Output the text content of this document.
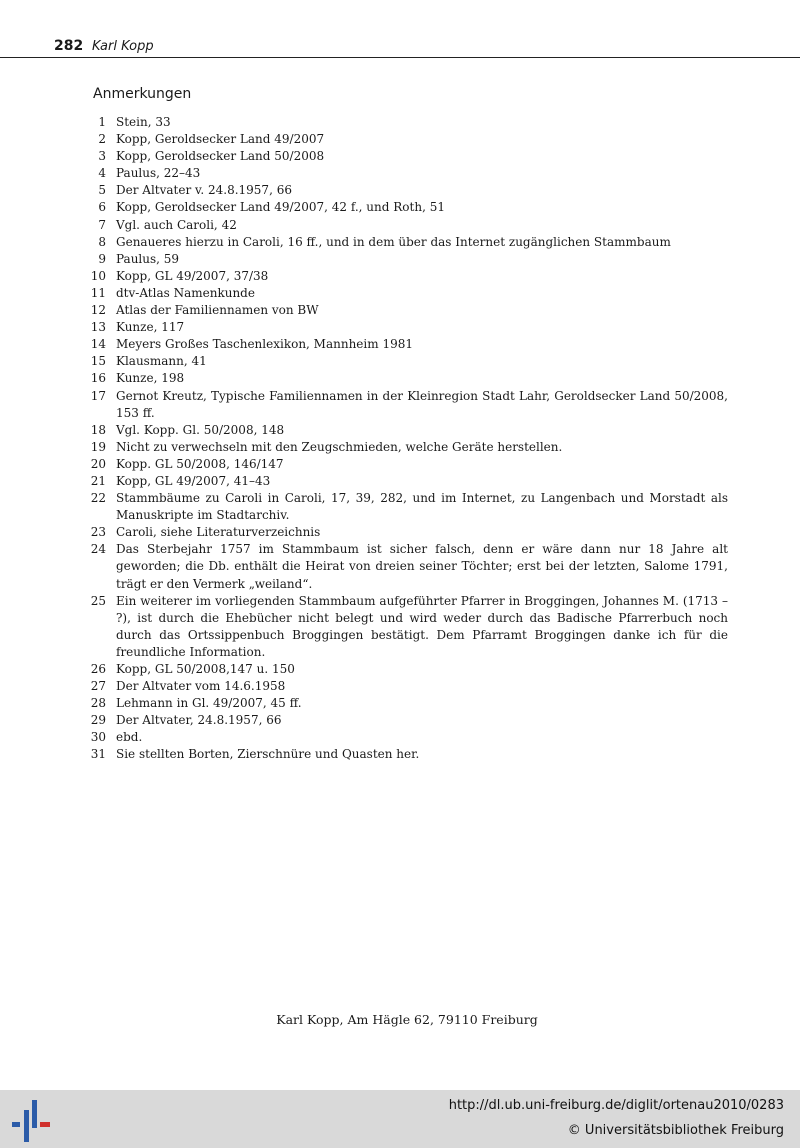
282 Karl Kopp
Anmerkungen
1 Stein, 33
2 Kopp, Geroldsecker Land 49/2007
3 Kopp, Geroldsecker Land 50/2008
4 Paulus, 22–43
5 Der Altvater v. 24.8.1957, 66
6 Kopp, Geroldsecker Land 49/2007, 42 f., und Roth, 51
7 Vgl. auch Caroli, 42
8 Genaueres hierzu in Caroli, 16 ff., und in dem über das Internet zugänglichen Stammbaum
9 Paulus, 59
10 Kopp, GL 49/2007, 37/38
11 dtv-Atlas Namenkunde
12 Atlas der Familiennamen von BW
13 Kunze, 117
14 Meyers Großes Taschenlexikon, Mannheim 1981
15 Klausmann, 41
16 Kunze, 198
17 Gernot Kreutz, Typische Familiennamen in der Kleinregion Stadt Lahr, Geroldsecker Land 50/2008, 153 ff.
18 Vgl. Kopp. Gl. 50/2008, 148
19 Nicht zu verwechseln mit den Zeugschmieden, welche Geräte herstellen.
20 Kopp. GL 50/2008, 146/147
21 Kopp, GL 49/2007, 41–43
22 Stammbäume zu Caroli in Caroli, 17, 39, 282, und im Internet, zu Langenbach und Morstadt als Manuskripte im Stadtarchiv.
23 Caroli, siehe Literaturverzeichnis
24 Das Sterbejahr 1757 im Stammbaum ist sicher falsch, denn er wäre dann nur 18 Jahre alt geworden; die Db. enthält die Heirat von dreien seiner Töchter; erst bei der letzten, Salome 1791, trägt er den Vermerk „weiland“.
25 Ein weiterer im vorliegenden Stammbaum aufgeführter Pfarrer in Broggingen, Johannes M. (1713 – ?), ist durch die Ehebücher nicht belegt und wird weder durch das Badische Pfarrerbuch noch durch das Ortssippenbuch Broggingen bestätigt. Dem Pfarramt Broggingen danke ich für die freundliche Information.
26 Kopp, GL 50/2008,147 u. 150
27 Der Altvater vom 14.6.1958
28 Lehmann in Gl. 49/2007, 45 ff.
29 Der Altvater, 24.8.1957, 66
30 ebd.
31 Sie stellten Borten, Zierschnüre und Quasten her.
Karl Kopp, Am Hägle 62, 79110 Freiburg
http://dl.ub.uni-freiburg.de/diglit/ortenau2010/0283
© Universitätsbibliothek Freiburg
